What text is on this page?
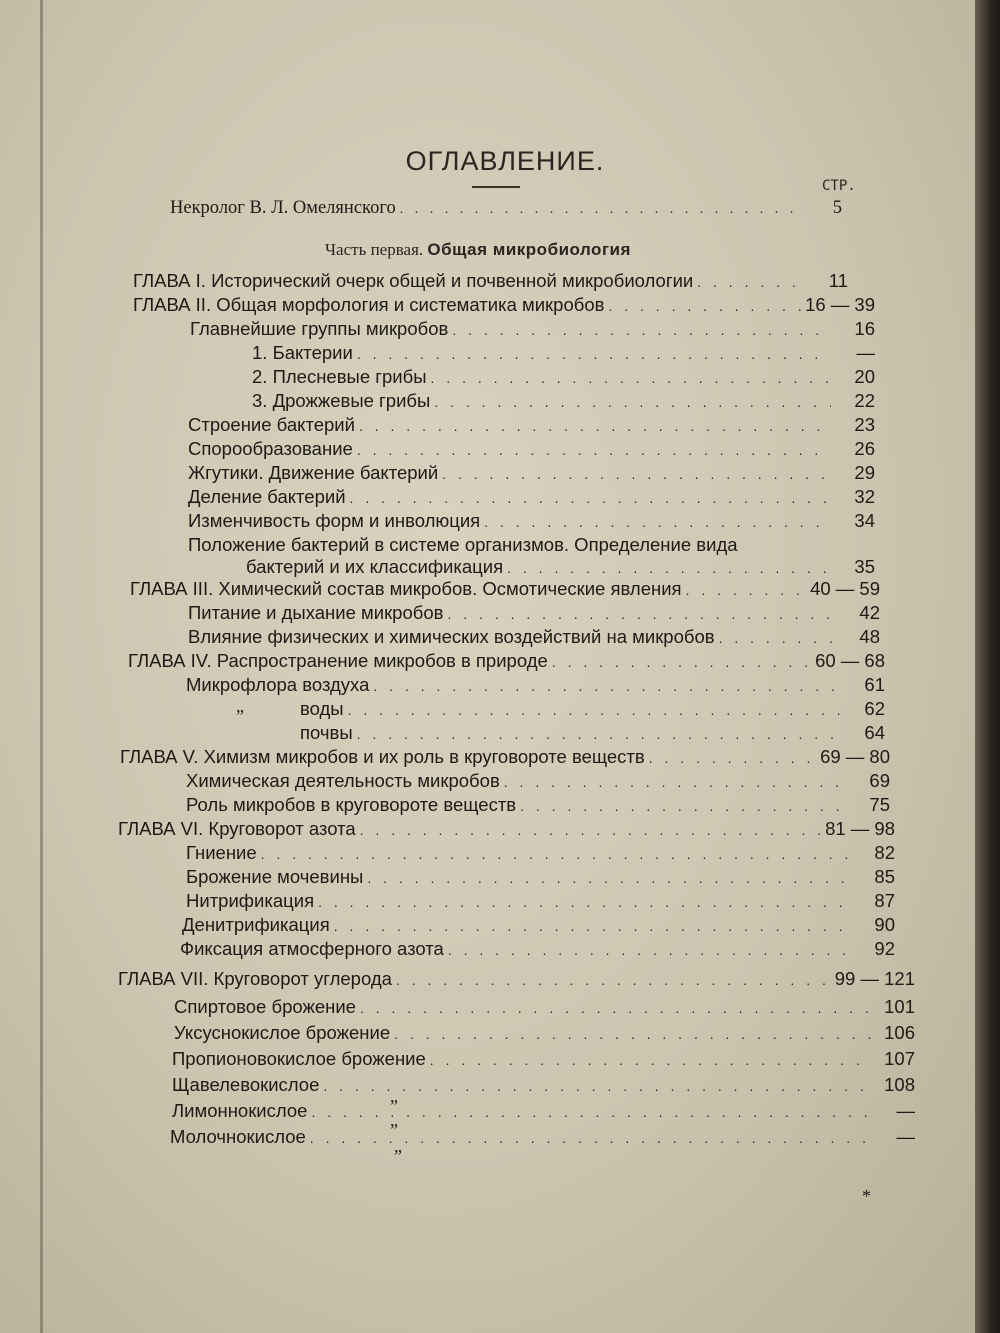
ОГЛАВЛЕНИЕ.
СТР.
Некролог В. Л. Омелянского . . .	5
Часть первая. Общая микробиология
ГЛАВА I. Исторический очерк общей и почвенной микробиологии . . .	11
ГЛАВА II. Общая морфология и систематика микробов . . .	16 — 39
Главнейшие группы микробов . . .	16
1. Бактерии . . .	—
2. Плесневые грибы . . .	20
3. Дрожжевые грибы . . .	22
Строение бактерий . . .	23
Спорообразование . . .	26
Жгутики. Движение бактерий . . .	29
Деление бактерий . . .	32
Изменчивость форм и инволюция . . .	34
Положение бактерий в системе организмов. Определение вида
бактерий и их классификация . . .	35
ГЛАВА III. Химический состав микробов. Осмотические явления . . .	40 — 59
Питание и дыхание микробов . . .	42
Влияние физических и химических воздействий на микробов . . .	48
ГЛАВА IV. Распространение микробов в природе . . .	60 — 68
Микрофлора воздуха . . .	61
воды . . .	62
почвы . . .	64
ГЛАВА V. Химизм микробов и их роль в круговороте веществ . . .	69 — 80
Химическая деятельность микробов . . .	69
Роль микробов в круговороте веществ . . .	75
ГЛАВА VI. Круговорот азота . . .	81 — 98
Гниение . . .	82
Брожение мочевины . . .	85
Нитрификация . . .	87
Денитрификация . . .	90
Фиксация атмосферного азота . . .	92
ГЛАВА VII. Круговорот углерода . . .	99 — 121
Спиртовое брожение . . .	101
Уксуснокислое брожение . . .	106
Пропионовокислое брожение . . .	107
Щавелевокислое . . .	108
Лимоннокислое . . .	—
Молочнокислое . . .	—
„
„
„
„
*
